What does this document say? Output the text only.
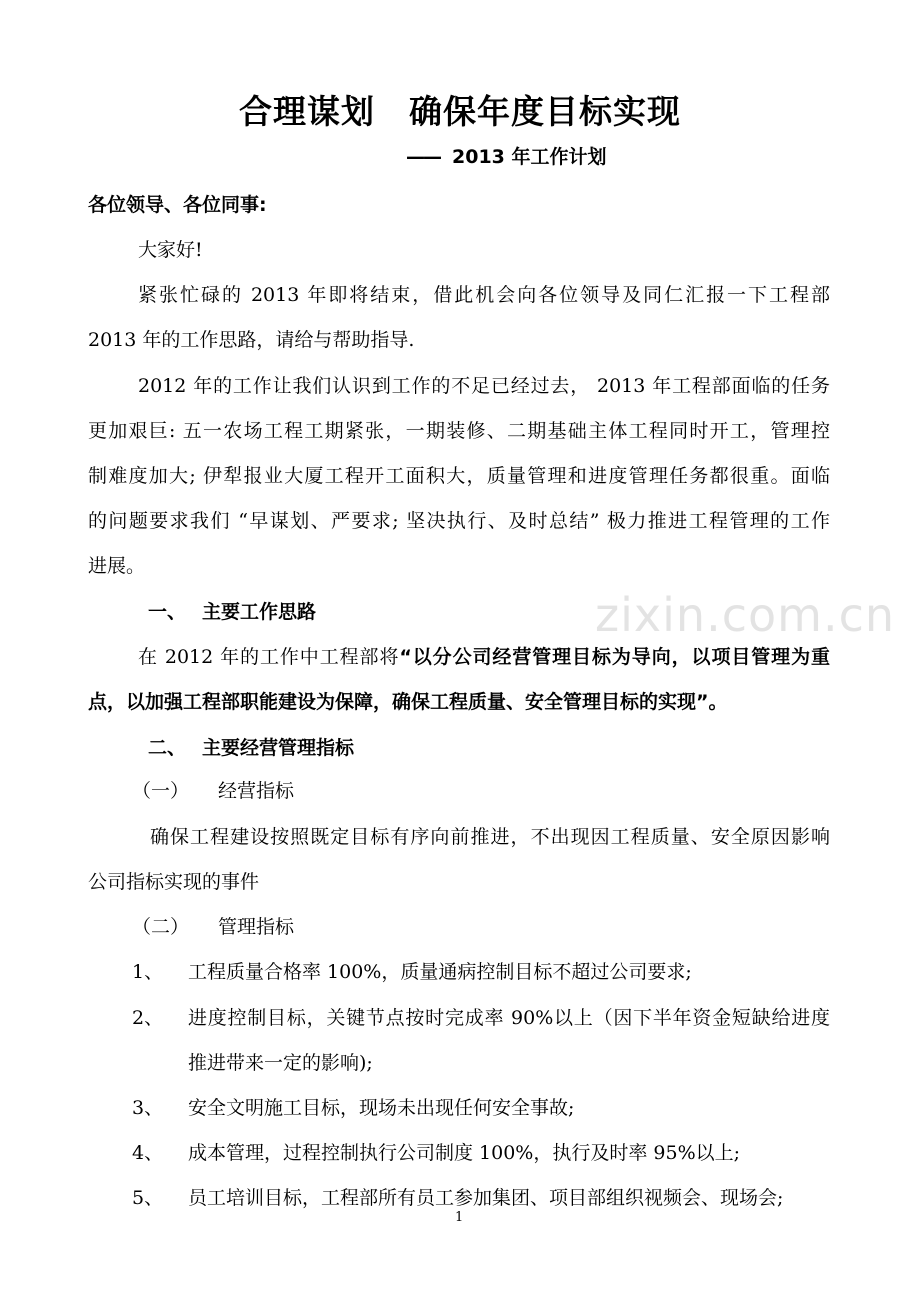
合理谋划 确保年度目标实现
—— 2013 年工作计划
各位领导、各位同事:
大家好!
紧张忙碌的 2013 年即将结束，借此机会向各位领导及同仁汇报一下工程部
2013 年的工作思路，请给与帮助指导.
2012 年的工作让我们认识到工作的不足已经过去， 2013 年工程部面临的任务
更加艰巨: 五一农场工程工期紧张，一期装修、二期基础主体工程同时开工，管理控
制难度加大; 伊犁报业大厦工程开工面积大，质量管理和进度管理任务都很重。面临
的问题要求我们 “早谋划、严要求; 坚决执行、及时总结” 极力推进工程管理的工作
进展。
一、 主要工作思路
在 2012 年的工作中工程部将“以分公司经营管理目标为导向，以项目管理为重
点，以加强工程部职能建设为保障，确保工程质量、安全管理目标的实现”。
二、 主要经营管理指标
（一） 经营指标
确保工程建设按照既定目标有序向前推进，不出现因工程质量、安全原因影响
公司指标实现的事件
（二） 管理指标
1、 工程质量合格率 100%，质量通病控制目标不超过公司要求;
2、 进度控制目标，关键节点按时完成率 90%以上（因下半年资金短缺给进度
推进带来一定的影响);
3、 安全文明施工目标，现场未出现任何安全事故;
4、 成本管理，过程控制执行公司制度 100%，执行及时率 95%以上;
5、 员工培训目标，工程部所有员工参加集团、项目部组织视频会、现场会;
zixin.com.cn
1
